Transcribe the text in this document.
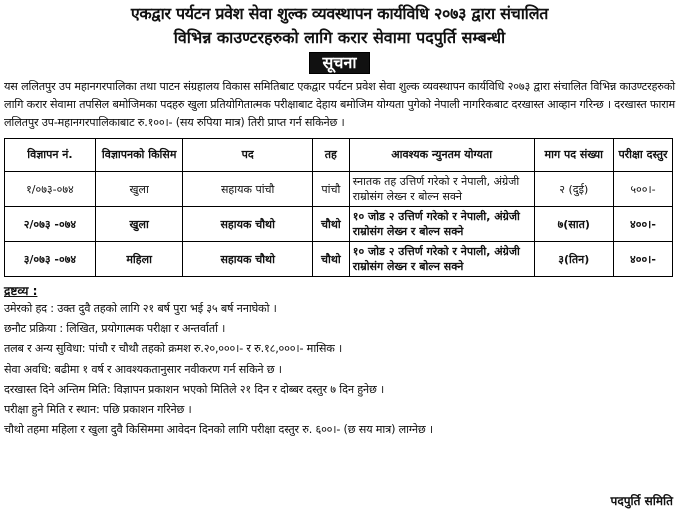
एकद्वार पर्यटन प्रवेश सेवा शुल्क व्यवस्थापन कार्यविधि २०७३ द्वारा संचालित
विभिन्न काउण्टरहरुको लागि करार सेवामा पदपुर्ति सम्बन्धी
सूचना
यस ललितपुर उप महानगरपालिका तथा पाटन संग्रहालय विकास समितिबाट एकद्वार पर्यटन प्रवेश सेवा शुल्क व्यवस्थापन कार्यविधि २०७३ द्वारा संचालित विभिन्न काउण्टरहरुको लागि करार सेवामा तपसिल बमोजिमका पदहरु खुला प्रतियोगितात्मक परीक्षाबाट देहाय बमोजिम योग्यता पुगेको नेपाली नागरिकबाट दरखास्त आव्हान गरिन्छ । दरखास्त फाराम ललितपुर उप-महानगरपालिकाबाट रु.१००।- (सय रुपिया मात्र) तिरी प्राप्त गर्न सकिनेछ ।
विज्ञापन नं.	विज्ञापनको किसिम	पद	तह	आवश्यक न्युनतम योग्यता	माग पद संख्या	परीक्षा दस्तुर
१/०७३-०७४	खुला	सहायक पांचौ	पांचौ	स्नातक तह उत्तिर्ण गरेको र नेपाली, अंग्रेजी राम्रोसंग लेख्न र बोल्न सक्ने	२ (दुई)	५००।-
२/०७३ -०७४	खुला	सहायक चौथो	चौथो	१० जोड २ उत्तिर्ण गरेको र नेपाली, अंग्रेजी राम्रोसंग लेख्न र बोल्न सक्ने	७(सात)	४००।-
३/०७३ -०७४	महिला	सहायक चौथो	चौथो	१० जोड २ उत्तिर्ण गरेको र नेपाली, अंग्रेजी राम्रोसंग लेख्न र बोल्न सक्ने	३(तिन)	४००।-
द्रष्टव्य :
उमेरको हद : उक्त दुवै तहको लागि २१ बर्ष पुरा भई ३५ बर्ष ननाघेको ।
छनौट प्रक्रिया : लिखित, प्रयोगात्मक परीक्षा र अन्तर्वार्ता ।
तलब र अन्य सुविधा: पांचौ र चौथौ तहको क्रमश रु.२०,०००।- र रु.१८,०००।- मासिक ।
सेवा अवधि: बढीमा १ वर्ष र आवश्यकतानुसार नवीकरण गर्न सकिने छ ।
दरखास्त दिने अन्तिम मिति: विज्ञापन प्रकाशन भएको मितिले २१ दिन र दोब्बर दस्तुर ७ दिन हुनेछ ।
परीक्षा हुने मिति र स्थान: पछि प्रकाशन गरिनेछ ।
चौथो तहमा महिला र खुला दुवै किसिममा आवेदन दिनको लागि परीक्षा दस्तुर रु. ६००।- (छ सय मात्र) लाग्नेछ ।
पदपुर्ति समिति
